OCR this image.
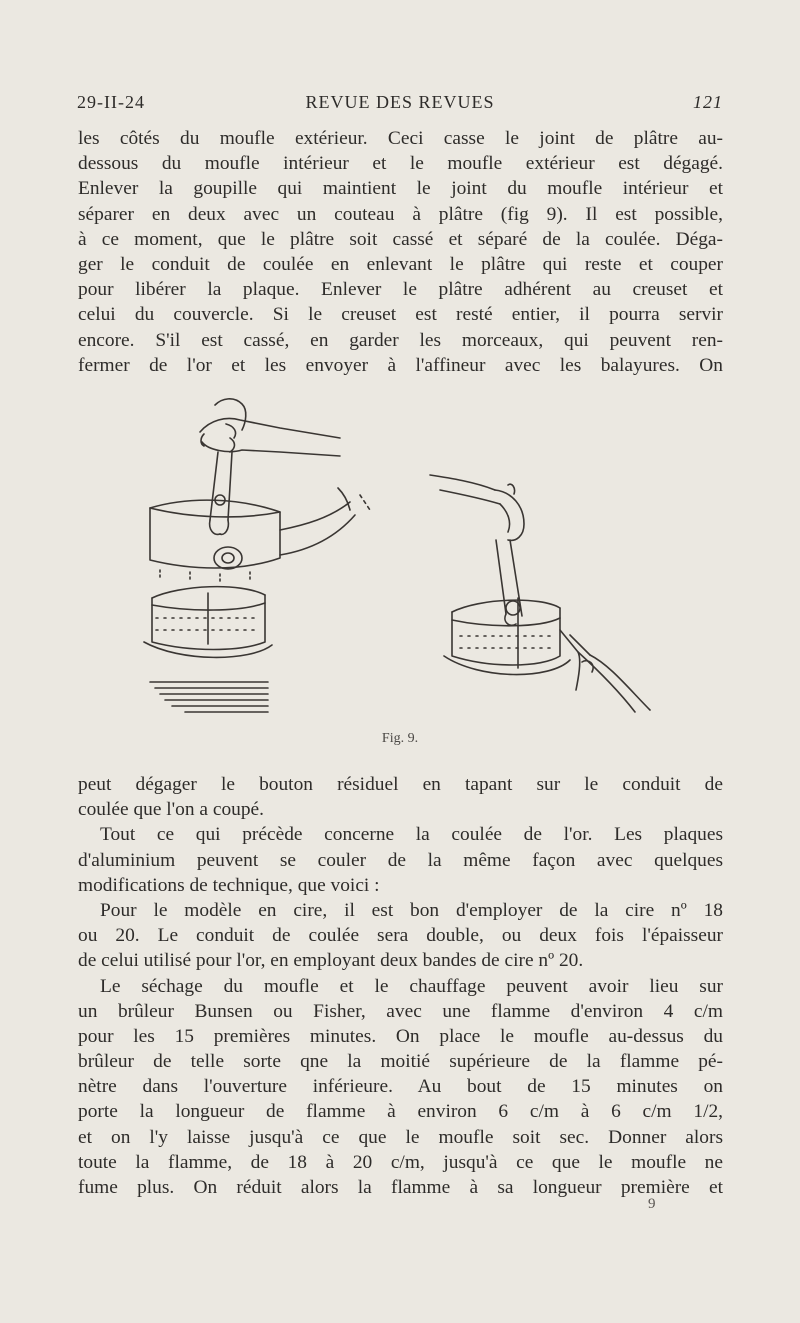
29-II-24	REVUE DES REVUES	121
les côtés du moufle extérieur. Ceci casse le joint de plâtre au-
dessous du moufle intérieur et le moufle extérieur est dégagé.
Enlever la goupille qui maintient le joint du moufle intérieur et
séparer en deux avec un couteau à plâtre (fig 9). Il est possible,
à ce moment, que le plâtre soit cassé et séparé de la coulée. Déga-
ger le conduit de coulée en enlevant le plâtre qui reste et couper
pour libérer la plaque. Enlever le plâtre adhérent au creuset et
celui du couvercle. Si le creuset est resté entier, il pourra servir
encore. S'il est cassé, en garder les morceaux, qui peuvent ren-
fermer de l'or et les envoyer à l'affineur avec les balayures. On
Fig. 9.
peut dégager le bouton résiduel en tapant sur le conduit de
coulée que l'on a coupé.
Tout ce qui précède concerne la coulée de l'or. Les plaques
d'aluminium peuvent se couler de la même façon avec quelques
modifications de technique, que voici :
Pour le modèle en cire, il est bon d'employer de la cire nº 18
ou 20. Le conduit de coulée sera double, ou deux fois l'épaisseur
de celui utilisé pour l'or, en employant deux bandes de cire nº 20.
Le séchage du moufle et le chauffage peuvent avoir lieu sur
un brûleur Bunsen ou Fisher, avec une flamme d'environ 4 c/m
pour les 15 premières minutes. On place le moufle au-dessus du
brûleur de telle sorte qne la moitié supérieure de la flamme pé-
nètre dans l'ouverture inférieure. Au bout de 15 minutes on
porte la longueur de flamme à environ 6 c/m à 6 c/m 1/2,
et on l'y laisse jusqu'à ce que le moufle soit sec. Donner alors
toute la flamme, de 18 à 20 c/m, jusqu'à ce que le moufle ne
fume plus. On réduit alors la flamme à sa longueur première et
9
